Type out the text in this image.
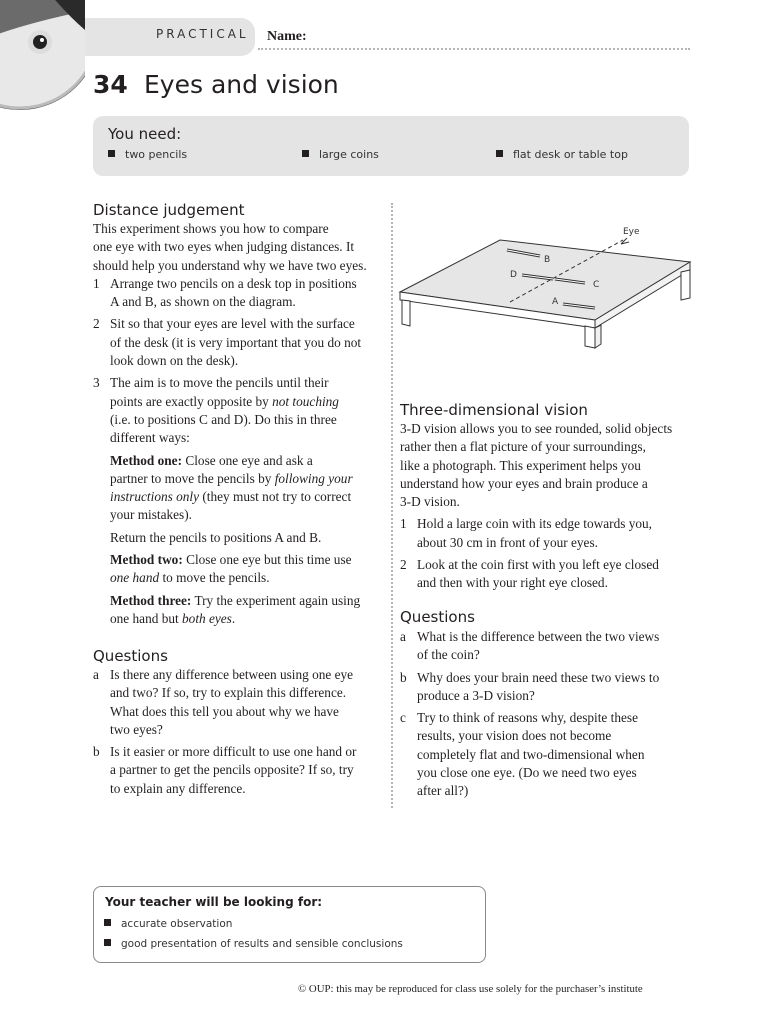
PRACTICAL Name:
34 Eyes and vision
You need:
two pencils	large coins	flat desk or table top
Distance judgement

This experiment shows you how to compare

one eye with two eyes when judging distances. It

should help you understand why we have two eyes.

1 Arrange two pencils on a desk top in positions

A and B, as shown on the diagram.

2 Sit so that your eyes are level with the surface

of the desk (it is very important that you do not

look down on the desk).

3 The aim is to move the pencils until their

points are exactly opposite by not touching

(i.e. to positions C and D). Do this in three

different ways:

Method one: Close one eye and ask a

partner to move the pencils by following your

instructions only (they must not try to correct

your mistakes).

Return the pencils to positions A and B.

Method two: Close one eye but this time use

one hand to move the pencils.

Method three: Try the experiment again using

one hand but both eyes.

Questions
a Is there any difference between using one eye

and two? If so, try to explain this difference.

What does this tell you about why we have

two eyes?

b Is it easier or more difficult to use one hand or

a partner to get the pencils opposite? If so, try

to explain any difference.

Eye
B
D
C
A
Three-dimensional vision

3-D vision allows you to see rounded, solid objects

rather then a flat picture of your surroundings,

like a photograph. This experiment helps you

understand how your eyes and brain produce a

3-D vision.

1 Hold a large coin with its edge towards you,

about 30 cm in front of your eyes.

2 Look at the coin first with you left eye closed

and then with your right eye closed.

Questions
a What is the difference between the two views

of the coin?

b Why does your brain need these two views to

produce a 3-D vision?

c Try to think of reasons why, despite these

results, your vision does not become

completely flat and two-dimensional when

you close one eye. (Do we need two eyes

after all?)

Your teacher will be looking for:
accurate observation
good presentation of results and sensible conclusions
© OUP: this may be reproduced for class use solely for the purchaser’s institute
